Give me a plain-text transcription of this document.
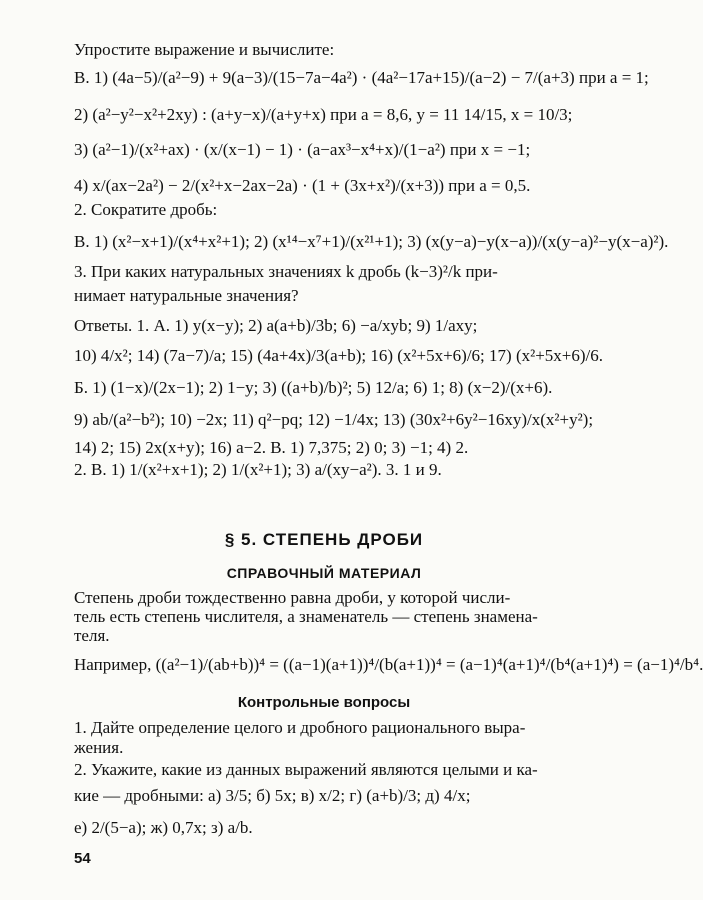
Упростите выражение и вычислите:
В. 1) (4a−5)/(a²−9) + 9(a−3)/(15−7a−4a²) · (4a²−17a+15)/(a−2) − 7/(a+3) при a = 1;
2) (a²−y²−x²+2xy) : (a+y−x)/(a+y+x) при a = 8,6, y = 11 14/15, x = 10/3;
3) (a²−1)/(x²+ax) · (x/(x−1) − 1) · (a−ax³−x⁴+x)/(1−a²) при x = −1;
4) x/(ax−2a²) − 2/(x²+x−2ax−2a) · (1 + (3x+x²)/(x+3)) при a = 0,5.
2. Сократите дробь:
В. 1) (x²−x+1)/(x⁴+x²+1); 2) (x¹⁴−x⁷+1)/(x²¹+1); 3) (x(y−a)−y(x−a))/(x(y−a)²−y(x−a)²).
3. При каких натуральных значениях k дробь (k−3)²/k при-
нимает натуральные значения?
Ответы. 1. А. 1) y(x−y); 2) a(a+b)/3b; 6) −a/xyb; 9) 1/axy;
10) 4/x²; 14) (7a−7)/a; 15) (4a+4x)/3(a+b); 16) (x²+5x+6)/6; 17) (x²+5x+6)/6.
Б. 1) (1−x)/(2x−1); 2) 1−y; 3) ((a+b)/b)²; 5) 12/a; 6) 1; 8) (x−2)/(x+6).
9) ab/(a²−b²); 10) −2x; 11) q²−pq; 12) −1/4x; 13) (30x²+6y²−16xy)/x(x²+y²);
14) 2; 15) 2x(x+y); 16) a−2. В. 1) 7,375; 2) 0; 3) −1; 4) 2.
2. В. 1) 1/(x²+x+1); 2) 1/(x²+1); 3) a/(xy−a²). 3. 1 и 9.
§ 5. СТЕПЕНЬ ДРОБИ
СПРАВОЧНЫЙ МАТЕРИАЛ
Степень дроби тождественно равна дроби, у которой числи-
тель есть степень числителя, а знаменатель — степень знамена-
теля.
Например, ((a²−1)/(ab+b))⁴ = ((a−1)(a+1))⁴/(b(a+1))⁴ = (a−1)⁴(a+1)⁴/(b⁴(a+1)⁴) = (a−1)⁴/b⁴.
Контрольные вопросы
1. Дайте определение целого и дробного рационального выра-
жения.
2. Укажите, какие из данных выражений являются целыми и ка-
кие — дробными: а) 3/5; б) 5x; в) x/2; г) (a+b)/3; д) 4/x;
е) 2/(5−a); ж) 0,7x; з) a/b.
54
